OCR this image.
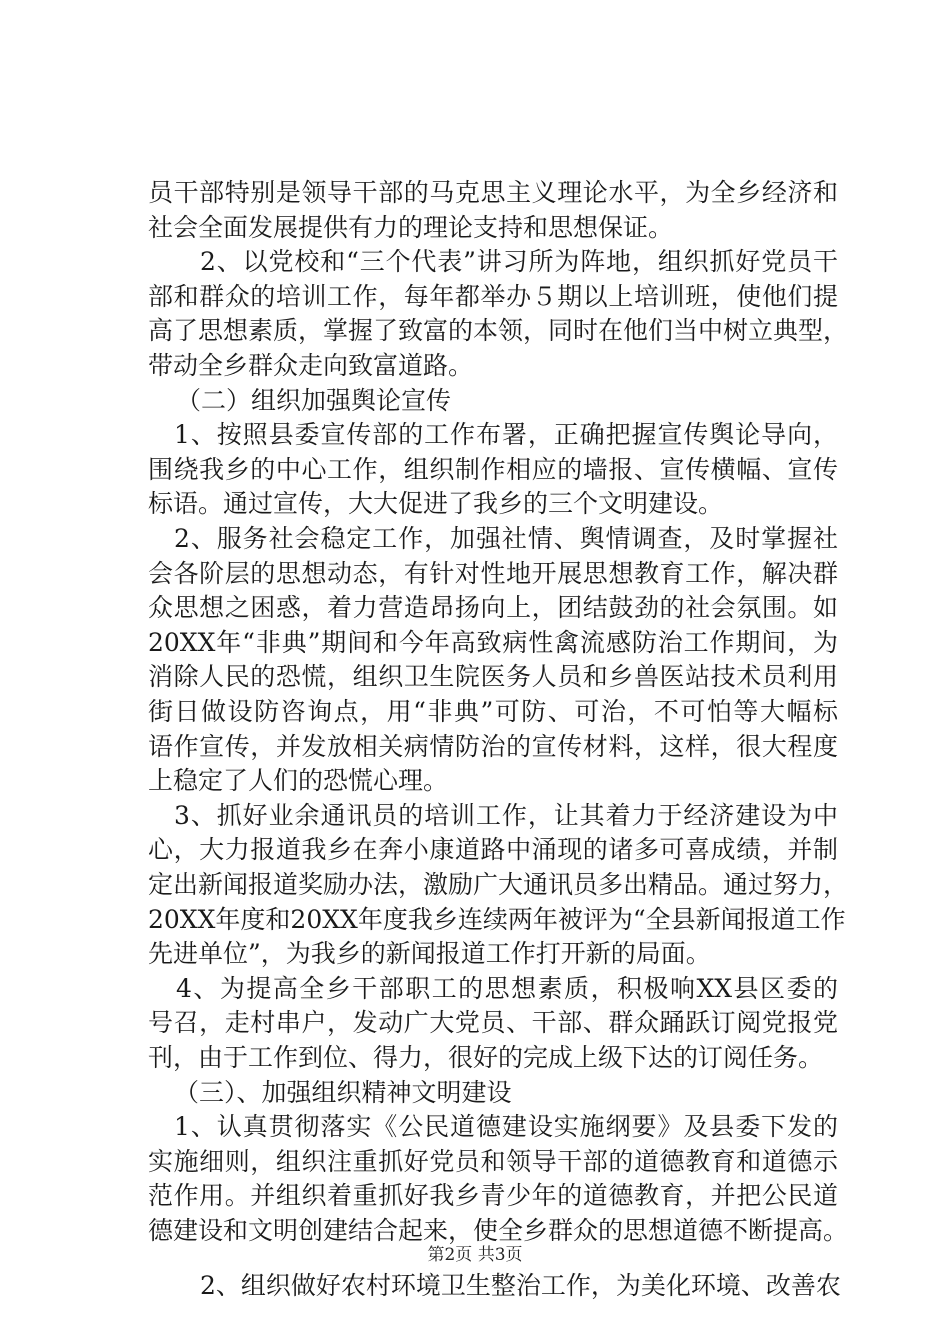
员干部特别是领导干部的马克思主义理论水平，为全乡经济和
社会全面发展提供有力的理论支持和思想保证。
2、以党校和“三个代表”讲习所为阵地，组织抓好党员干
部和群众的培训工作，每年都举办５期以上培训班，使他们提
高了思想素质，掌握了致富的本领，同时在他们当中树立典型，
带动全乡群众走向致富道路。
（二）组织加强舆论宣传
1、按照县委宣传部的工作布署，正确把握宣传舆论导向，
围绕我乡的中心工作，组织制作相应的墙报、宣传横幅、宣传
标语。通过宣传，大大促进了我乡的三个文明建设。
2、服务社会稳定工作，加强社情、舆情调查，及时掌握社
会各阶层的思想动态，有针对性地开展思想教育工作，解决群
众思想之困惑，着力营造昂扬向上，团结鼓劲的社会氛围。如
20XX年“非典”期间和今年高致病性禽流感防治工作期间，为
消除人民的恐慌，组织卫生院医务人员和乡兽医站技术员利用
街日做设防咨询点，用“非典”可防、可治，不可怕等大幅标
语作宣传，并发放相关病情防治的宣传材料，这样，很大程度
上稳定了人们的恐慌心理。
3、抓好业余通讯员的培训工作，让其着力于经济建设为中
心，大力报道我乡在奔小康道路中涌现的诸多可喜成绩，并制
定出新闻报道奖励办法，激励广大通讯员多出精品。通过努力，
20XX年度和20XX年度我乡连续两年被评为“全县新闻报道工作
先进单位”，为我乡的新闻报道工作打开新的局面。
4、为提高全乡干部职工的思想素质，积极响XX县区委的
号召，走村串户，发动广大党员、干部、群众踊跃订阅党报党
刊，由于工作到位、得力，很好的完成上级下达的订阅任务。
（三）、加强组织精神文明建设
1、认真贯彻落实《公民道德建设实施纲要》及县委下发的
实施细则，组织注重抓好党员和领导干部的道德教育和道德示
范作用。并组织着重抓好我乡青少年的道德教育，并把公民道
德建设和文明创建结合起来，使全乡群众的思想道德不断提高。
2、组织做好农村环境卫生整治工作，为美化环境、改善农
第2页 共3页
